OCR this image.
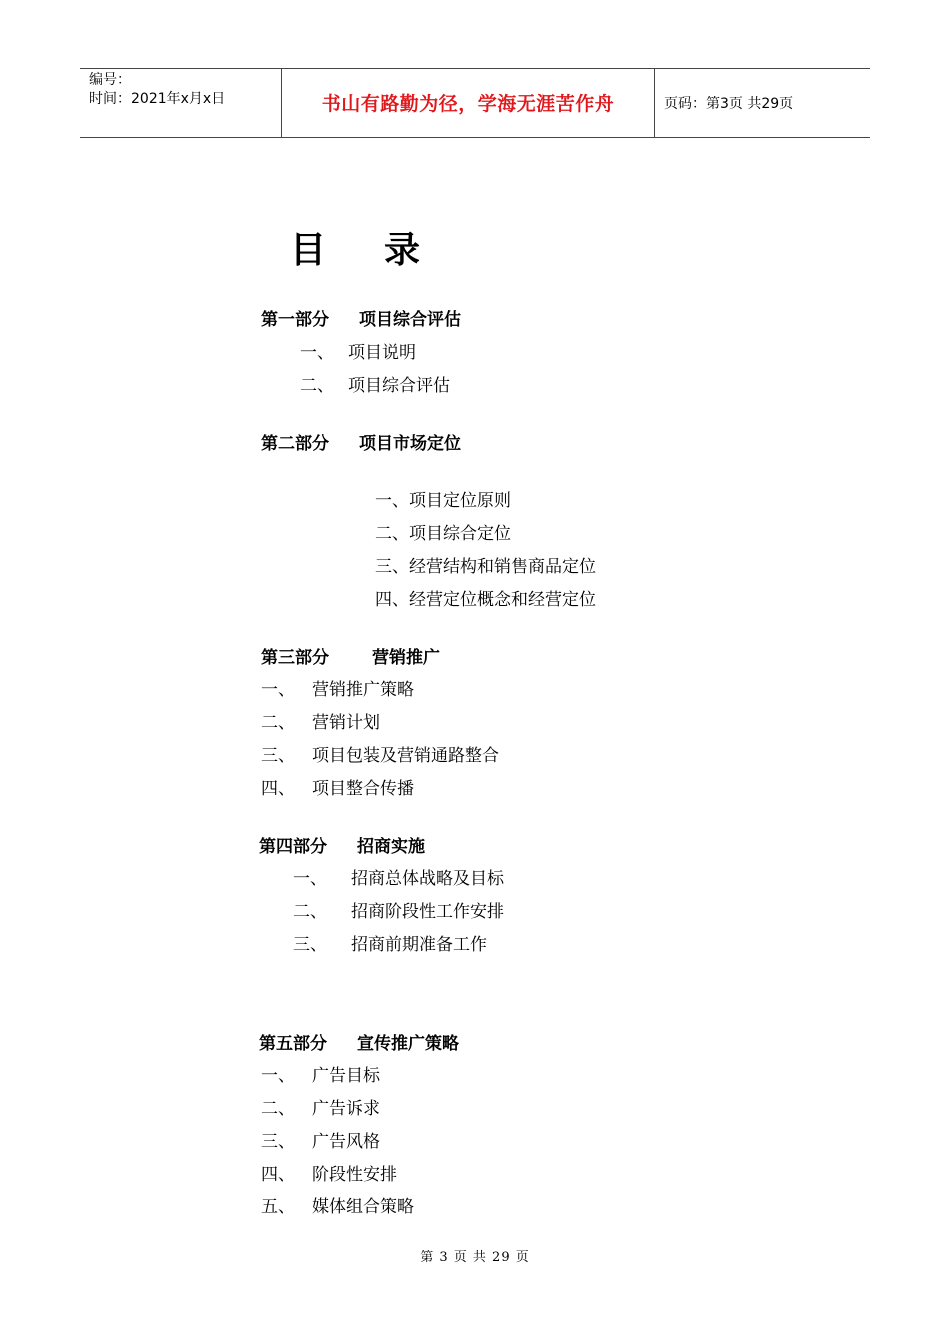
编号：
时间：2021年x月x日	书山有路勤为径，学海无涯苦作舟	页码：第3页 共29页
目录
第一部分 项目综合评估
一、 项目说明
二、 项目综合评估
第二部分 项目市场定位
一、项目定位原则
二、项目综合定位
三、经营结构和销售商品定位
四、经营定位概念和经营定位
第三部分	营销推广
一、 营销推广策略
二、 营销计划
三、 项目包装及营销通路整合
四、 项目整合传播
第四部分 招商实施
一、 招商总体战略及目标
二、 招商阶段性工作安排
三、 招商前期准备工作
第五部分 宣传推广策略
一、 广告目标
二、 广告诉求
三、 广告风格
四、 阶段性安排
五、 媒体组合策略
第 3 页 共 29 页
